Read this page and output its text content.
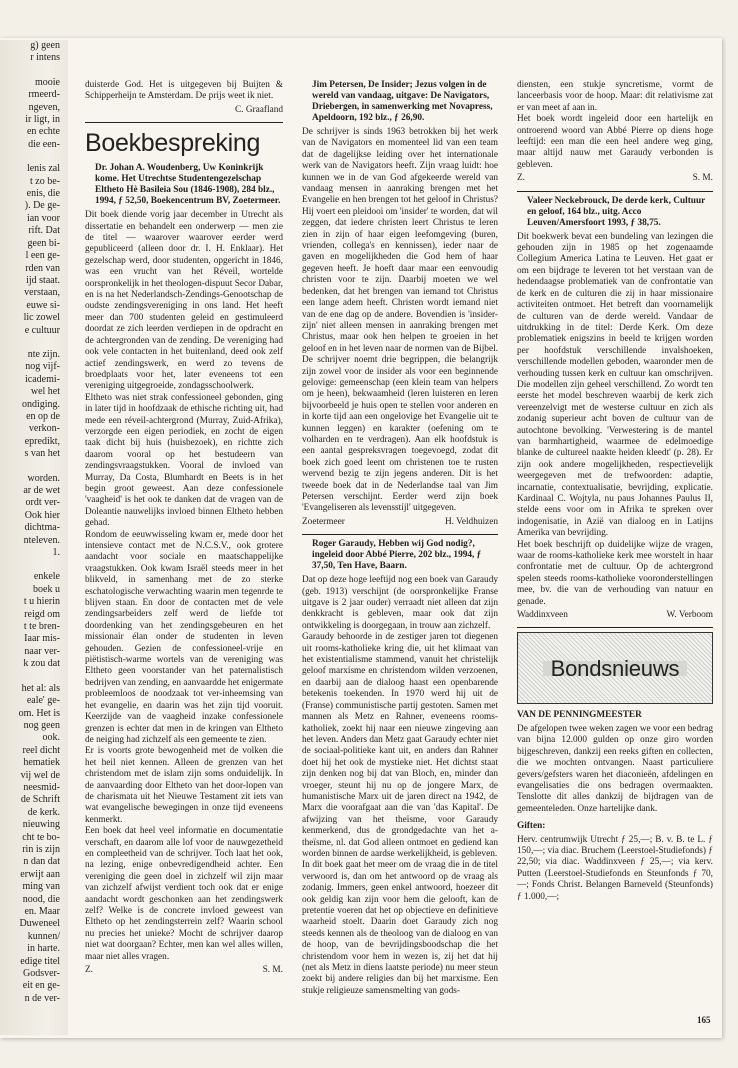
g) geen

r intens

mooie

rmeerd-

ngeven,

ir ligt, in

en echte

die een-

lenis zal

t zo be-

enis, die

). De ge-

ian voor

rift. Dat

geen bi-

l een ge-

rden van

ijd staat.

verstaan,

euwe si-

lic zowel

e cultuur

nte zijn.

nog vijf-

icademi-

wel het

ondiging.

en op de

verkon-

epredikt,

s van het

worden.

ar de wet

ordt ver-

Ook hier

dichtma-

nteleven.

1.

enkele

boek u

t u hierin

reigd om

t te bren-

Iaar mis-

naar ver-

k zou dat

het al: als

eale' ge-

om. Het is

nog geen

ook.

reel dicht

hematiek

vij wel de

neesmid-

de Schrift

de kerk.

nieuwing

cht te bo-

rin is zijn

n dan dat

erwijt aan

ming van

nood, die

en. Maar

Duweneel

kunnen/

in harte.

edige titel

Godsver-

eit en ge-

n de ver-

duisterde God. Het is uitgegeven bij Buijten & Schipperheijn te Amsterdam. De prijs weet ik niet.

C. Graafland
Boekbespreking
Dr. Johan A. Woudenberg, Uw Koninkrijk kome. Het Utrechtse Studentengezelschap Eltheto Hè Basileia Sou (1846-1908), 284 blz., 1994, ƒ 52,50, Boekencentrum BV, Zoetermeer.

Dit boek diende vorig jaar december in Utrecht als dissertatie en behandelt een onderwerp — men zie de titel — waarover waarover eerder werd gepubliceerd (alleen door dr. I. H. Enklaar). Het gezelschap werd, door studenten, opgericht in 1846, was een vrucht van het Réveil, wortelde oorspronkelijk in het theologen-dispuut Secor Dabar, en is na het Nederlandsch-Zendings-Genootschap de oudste zendingsvereniging in ons land. Het heeft meer dan 700 studenten geleid en gestimuleerd doordat ze zich leerden verdiepen in de opdracht en de achtergronden van de zending. De vereniging had ook vele contacten in het buitenland, deed ook zelf actief zendingswerk, en werd zo tevens de broedplaats voor het, later eveneens tot een vereniging uitgegroeide, zondagsschoolwerk.

Eltheto was niet strak confessioneel gebonden, ging in later tijd in hoofdzaak de ethische richting uit, had mede een réveil-achtergrond (Murray, Zuid-Afrika), verzorgde een eigen periodiek, en zocht de eigen taak dicht bij huis (huisbezoek), en richtte zich daarom vooral op het bestudeern van zendingsvraagstukken. Vooral de invloed van Murray, Da Costa, Blumhardt en Beets is in het begin groot geweest. Aan deze confessionele 'vaagheid' is het ook te danken dat de vragen van de Doleantie nauwelijks invloed binnen Eltheto hebben gehad.

Rondom de eeuwwisseling kwam er, mede door het intensieve contact met de N.C.S.V., ook grotere aandacht voor sociale en maatschappelijke vraagstukken. Ook kwam Israël steeds meer in het blikveld, in samenhang met de zo sterke eschatologische verwachting waarin men tegenrde te blijven staan. En door de contacten met de vele zendingsarbeiders zelf werd de liefde tot doordenking van het zendingsgebeuren en het missionair élan onder de studenten in leven gehouden. Gezien de confessioneel-vrije en piëtistisch-warme wortels van de vereniging was Eltheto geen voorstander van het paternalistisch bedrijven van zending, en aanvaardde het enigermate probleemloos de noodzaak tot ver-inheemsing van het evangelie, en daarin was het zijn tijd vooruit. Keerzijde van de vaagheid inzake confessionele grenzen is echter dat men in de kringen van Eltheto de neiging had zichzelf als een gemeente te zien.

Er is voorts grote bewogenheid met de volken die het heil niet kennen. Alleen de grenzen van het christendom met de islam zijn soms onduidelijk. In de aanvaarding door Eltheto van het door-lopen van de charismata uit het Nieuwe Testament zit iets van wat evangelische bewegingen in onze tijd eveneens kenmerkt.

Een boek dat heel veel informatie en documentatie verschaft, en daarom alle lof voor de nauwgezetheid en compleetheid van de schrijver. Toch laat het ook, na lezing, enige onbevredigendheid achter. Een vereniging die geen doel in zichzelf wil zijn maar van zichzelf afwijst verdient toch ook dat er enige aandacht wordt geschonken aan het zendingswerk zelf? Welke is de concrete invloed geweest van Eltheto op het zendingsterrein zelf? Waarin school nu precies het unieke? Mocht de schrijver daarop niet wat doorgaan? Echter, men kan wel alles willen, maar niet alles vragen.

Z.	S. M.
Jim Petersen, De Insider; Jezus volgen in de wereld van vandaag, uitgave: De Navigators, Driebergen, in samenwerking met Novapress, Apeldoorn, 192 blz., ƒ 26,90.

De schrijver is sinds 1963 betrokken bij het werk van de Navigators en momenteel lid van een team dat de dagelijkse leiding over het internationale werk van de Navigators heeft. Zijn vraag luidt: hoe kunnen we in de van God afgekeerde wereld van vandaag mensen in aanraking brengen met het Evangelie en hen brengen tot het geloof in Christus? Hij voert een pleidooi om 'insider' te worden, dat wil zeggen, dat iedere christen leert Christus te leren zien in zijn of haar eigen leefomgeving (buren, vrienden, collega's en kennissen), ieder naar de gaven en mogelijkheden die God hem of haar gegeven heeft. Je hoeft daar maar een eenvoudig christen voor te zijn. Daarbij moeten we wel bedenken, dat het brengen van iemand tot Christus een lange adem heeft. Christen wordt iemand niet van de ene dag op de andere. Bovendien is 'insider-zijn' niet alleen mensen in aanraking brengen met Christus, maar ook hen helpen te groeien in het geloof en in het leven naar de normen van de Bijbel. De schrijver noemt drie begrippen, die belangrijk zijn zowel voor de insider als voor een beginnende gelovige: gemeenschap (een klein team van helpers om je heen), bekwaamheid (leren luisteren en leren bijvoorbeeld je huis open te stellen voor anderen en in korte tijd aan een ongelovige het Evangelie uit te kunnen leggen) en karakter (oefening om te volharden en te verdragen). Aan elk hoofdstuk is een aantal gespreksvragen toegevoegd, zodat dit boek zich goed leent om christenen toe te rusten wervend bezig te zijn jegens anderen. Dit is het tweede boek dat in de Nederlandse taal van Jim Petersen verschijnt. Eerder werd zijn boek 'Evangeliseren als levensstijl' uitgegeven.

Zoetermeer	H. Veldhuizen
Roger Garaudy, Hebben wij God nodig?, ingeleid door Abbé Pierre, 202 blz., 1994, ƒ 37,50, Ten Have, Baarn.

Dat op deze hoge leeftijd nog een boek van Garaudy (geb. 1913) verschijnt (de oorspronkelijke Franse uitgave is 2 jaar ouder) verraadt niet alleen dat zijn denkkracht is gebleven, maar ook dat zijn ontwikkeling is doorgegaan, in trouw aan zichzelf.

Garaudy behoorde in de zestiger jaren tot diegenen uit rooms-katholieke kring die, uit het klimaat van het existentialisme stammend, vanuit het christelijk geloof marxisme en christendom wilden verzoenen, en daarbij aan de dialoog haast een openbarende betekenis toekenden. In 1970 werd hij uit de (Franse) communistische partij gestoten. Samen met mannen als Metz en Rahner, eveneens rooms-katholiek, zoekt hij naar een nieuwe zingeving aan het leven. Anders dan Metz gaat Garaudy echter niet de sociaal-politieke kant uit, en anders dan Rahner doet hij het ook de mystieke niet. Het dichtst staat zijn denken nog bij dat van Bloch, en, minder dan vroeger, steunt hij nu op de jongere Marx, de humanistische Marx uit de jaren direct na 1942, de Marx die voorafgaat aan die van 'das Kapital'. De afwijzing van het theïsme, voor Garaudy kenmerkend, dus de grondgedachte van het a-theïsme, nl. dat God alleen ontmoet en gediend kan worden binnen de aardse werkelijkheid, is gebleven.

In dit boek gaat het meer om de vraag die in de titel verwoord is, dan om het antwoord op de vraag als zodanig. Immers, geen enkel antwoord, hoezeer dit ook geldig kan zijn voor hem die gelooft, kan de pretentie voeren dat het op objectieve en definitieve waarheid stoelt. Daarin doet Garaudy zich nog steeds kennen als de theoloog van de dialoog en van de hoop, van de bevrijdingsboodschap die het christendom voor hem in wezen is, zij het dat hij (net als Metz in diens laatste periode) nu meer steun zoekt bij andere religies dan bij het marxisme. Een stukje religieuze samensmelting van gods-

diensten, een stukje syncretisme, vormt de lanceerbasis voor de hoop. Maar: dit relativisme zat er van meet af aan in.

Het boek wordt ingeleid door een hartelijk en ontroerend woord van Abbé Pierre op diens hoge leeftijd: een man die een heel andere weg ging, maar altijd nauw met Garaudy verbonden is gebleven.

Z.	S. M.
Valeer Neckebrouck, De derde kerk, Cultuur en geloof, 164 blz., uitg. Acco Leuven/Amersfoort 1993, ƒ 38,75.

Dit boekwerk bevat een bundeling van lezingen die gehouden zijn in 1985 op het zogenaamde Collegium America Latina te Leuven. Het gaat er om een bijdrage te leveren tot het verstaan van de hedendaagse problematiek van de confrontatie van de kerk en de culturen die zij in haar missionaire activiteiten ontmoet. Het betreft dan voornamelijk de culturen van de derde wereld. Vandaar de uitdrukking in de titel: Derde Kerk. Om deze problematiek enigszins in beeld te krijgen worden per hoofdstuk verschillende invalshoeken, verschillende modellen geboden, waaronder men de verhouding tussen kerk en cultuur kan omschrijven. Die modellen zijn geheel verschillend. Zo wordt ten eerste het model beschreven waarbij de kerk zich vereenzelvigt met de westerse cultuur en zich als zodanig superieur acht boven de cultuur van de autochtone bevolking. 'Verwestering is de mantel van barmhartigheid, waarmee de edelmoedige blanke de cultureel naakte heiden kleedt' (p. 28). Er zijn ook andere mogelijkheden, respectievelijk weergegeven met de trefwoorden: adaptie, incarnatie, contextualisatie, bevrijding, explicatie. Kardinaal C. Wojtyla, nu paus Johannes Paulus II, stelde eens voor om in Afrika te spreken over indogenisatie, in Azië van dialoog en in Latijns Amerika van bevrijding.

Het boek beschrijft op duidelijke wijze de vragen, waar de rooms-katholieke kerk mee worstelt in haar confrontatie met de cultuur. Op de achtergrond spelen steeds rooms-katholieke vooronderstellingen mee, bv. die van de verhouding van natuur en genade.

Waddinxveen	W. Verboom
Bondsnieuws
VAN DE PENNINGMEESTER

De afgelopen twee weken zagen we voor een bedrag van bijna 12.000 gulden op onze giro worden bijgeschreven, dankzij een reeks giften en collecten, die we mochten ontvangen. Naast particuliere gevers/gefsters waren het diaconieën, afdelingen en evangelisaties die ons bedragen overmaakten. Tenslotte dit alles dankzij de bijdragen van de gemeenteleden. Onze hartelijke dank.

Giften:

Herv. centrumwijk Utrecht ƒ 25,—; B. v. B. te L. ƒ 150,—; via diac. Bruchem (Leerstoel-Studiefonds) ƒ 22,50; via diac. Waddinxveen ƒ 25,—; via kerv. Putten (Leerstoel-Studiefonds en Steunfonds ƒ 70,—; Fonds Christ. Belangen Barneveld (Steunfonds) ƒ 1.000,—;

165
